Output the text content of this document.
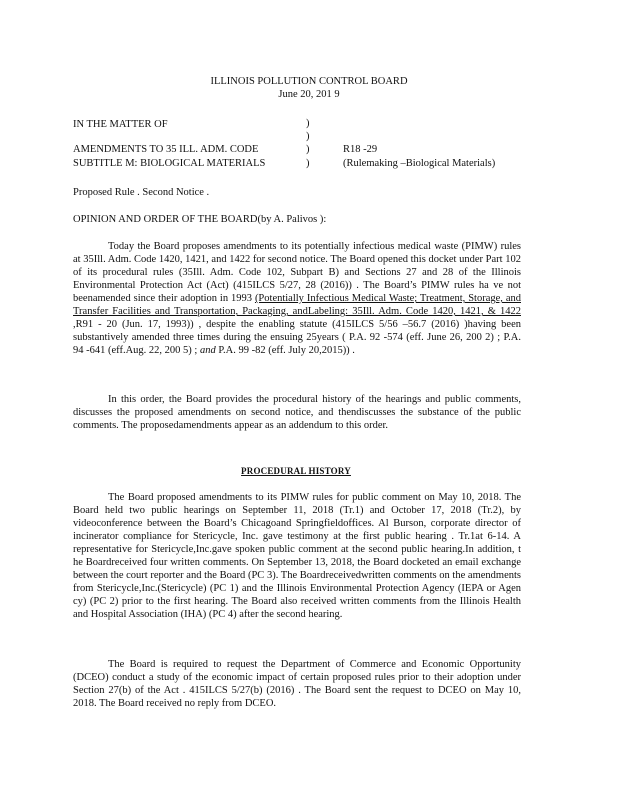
ILLINOIS POLLUTION CONTROL BOARD
June 20, 201 9
IN THE MATTER OF
AMENDMENTS TO 35 ILL. ADM. CODE
SUBTITLE M: BIOLOGICAL MATERIALS
)
)
)
)
R18 -29
(Rulemaking –Biological Materials)
Proposed Rule . Second Notice .
OPINION AND ORDER OF THE BOARD(by A. Palivos ):

Today the Board proposes amendments to its potentially infectious medical waste (PIMW) rules at 35Ill. Adm. Code 1420, 1421, and 1422 for second notice. The Board opened this docket under Part 102 of its procedural rules (35Ill. Adm. Code 102, Subpart B) and Sections 27 and 28 of the Illinois Environmental Protection Act (Act) (415ILCS 5/27, 28 (2016)) . The Board’s PIMW rules ha ve not beenamended since their adoption in 1993 (Potentially Infectious Medical Waste; Treatment, Storage, and Transfer Facilities and Transportation, Packaging, andLabeling: 35Ill. Adm. Code 1420, 1421, & 1422 ,R91 - 20 (Jun. 17, 1993)) , despite the enabling statute (415ILCS 5/56 –56.7 (2016) )having been substantively amended three times during the ensuing 25years ( P.A. 92 -574 (eff. June 26, 200 2) ; P.A. 94 -641 (eff.Aug. 22, 200 5) ; and P.A. 99 -82 (eff. July 20,2015)) .

In this order, the Board provides the procedural history of the hearings and public comments, discusses the proposed amendments on second notice, and thendiscusses the substance of the public comments. The proposedamendments appear as an addendum to this order.

PROCEDURAL HISTORY

The Board proposed amendments to its PIMW rules for public comment on May 10, 2018. The Board held two public hearings on September 11, 2018 (Tr.1) and October 17, 2018 (Tr.2), by videoconference between the Board’s Chicagoand Springfieldoffices. Al Burson, corporate director of incinerator compliance for Stericycle, Inc. gave testimony at the first public hearing . Tr.1at 6-14. A representative for Stericycle,Inc.gave spoken public comment at the second public hearing.In addition, t he Boardreceived four written comments. On September 13, 2018, the Board docketed an email exchange between the court reporter and the Board (PC 3). The Boardreceivedwritten comments on the amendments from Stericycle,Inc.(Stericycle) (PC 1) and the Illinois Environmental Protection Agency (IEPA or Agen cy) (PC 2) prior to the first hearing. The Board also received written comments from the Illinois Health and Hospital Association (IHA) (PC 4) after the second hearing.

The Board is required to request the Department of Commerce and Economic Opportunity (DCEO) conduct a study of the economic impact of certain proposed rules prior to their adoption under Section 27(b) of the Act . 415ILCS 5/27(b) (2016) . The Board sent the request to DCEO on May 10, 2018. The Board received no reply from DCEO.
